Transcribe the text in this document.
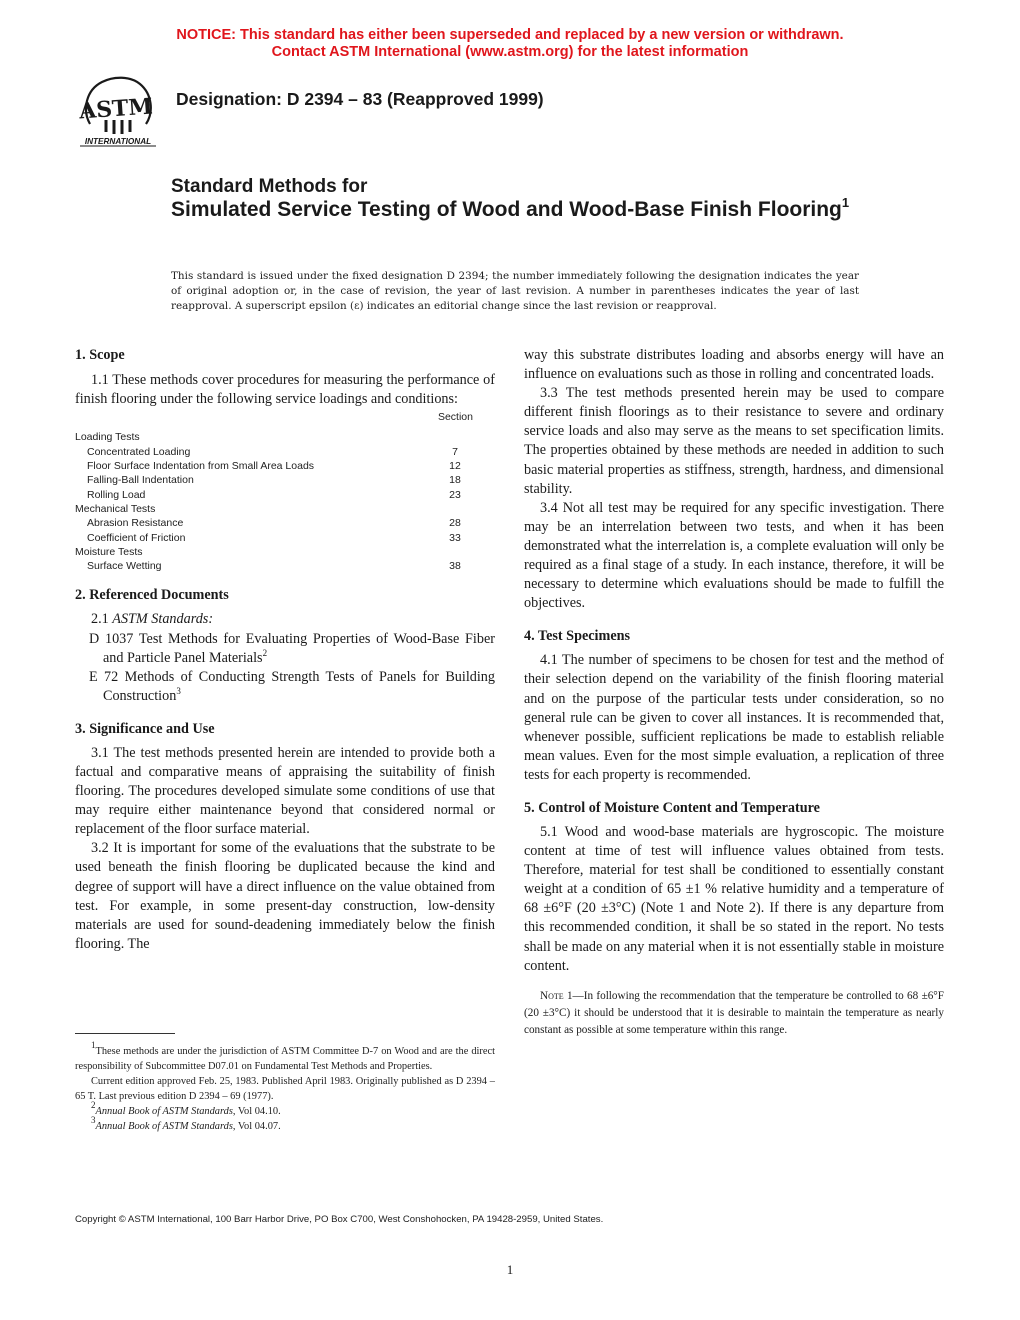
NOTICE: This standard has either been superseded and replaced by a new version or withdrawn.
Contact ASTM International (www.astm.org) for the latest information
ASTM
INTERNATIONAL
Designation: D 2394 – 83 (Reapproved 1999)
Standard Methods for
Simulated Service Testing of Wood and Wood-Base Finish Flooring$^1$
This standard is issued under the fixed designation D 2394; the number immediately following the designation indicates the year of original adoption or, in the case of revision, the year of last revision. A number in parentheses indicates the year of last reapproval. A superscript epsilon (ε) indicates an editorial change since the last revision or reapproval.
1. Scope

1.1 These methods cover procedures for measuring the performance of finish flooring under the following service loadings and conditions:

Section
Loading Tests
Concentrated Loading	7
Floor Surface Indentation from Small Area Loads	12
Falling-Ball Indentation	18
Rolling Load	23
Mechanical Tests
Abrasion Resistance	28
Coefficient of Friction	33
Moisture Tests
Surface Wetting	38
2. Referenced Documents

2.1 ASTM Standards:

D 1037 Test Methods for Evaluating Properties of Wood-Base Fiber and Particle Panel Materials$^2$

E 72 Methods of Conducting Strength Tests of Panels for Building Construction$^3$

3. Significance and Use

3.1 The test methods presented herein are intended to provide both a factual and comparative means of appraising the suitability of finish flooring. The procedures developed simulate some conditions of use that may require either maintenance beyond that considered normal or replacement of the floor surface material.

3.2 It is important for some of the evaluations that the substrate to be used beneath the finish flooring be duplicated because the kind and degree of support will have a direct influence on the value obtained from test. For example, in some present-day construction, low-density materials are used for sound-deadening immediately below the finish flooring. The

$^1$These methods are under the jurisdiction of ASTM Committee D-7 on Wood and are the direct responsibility of Subcommittee D07.01 on Fundamental Test Methods and Properties.

Current edition approved Feb. 25, 1983. Published April 1983. Originally published as D 2394 – 65 T. Last previous edition D 2394 – 69 (1977).

$^2$Annual Book of ASTM Standards, Vol 04.10.

$^3$Annual Book of ASTM Standards, Vol 04.07.

way this substrate distributes loading and absorbs energy will have an influence on evaluations such as those in rolling and concentrated loads.

3.3 The test methods presented herein may be used to compare different finish floorings as to their resistance to severe and ordinary service loads and also may serve as the means to set specification limits. The properties obtained by these methods are needed in addition to such basic material properties as stiffness, strength, hardness, and dimensional stability.

3.4 Not all test may be required for any specific investigation. There may be an interrelation between two tests, and when it has been demonstrated what the interrelation is, a complete evaluation will only be required as a final stage of a study. In each instance, therefore, it will be necessary to determine which evaluations should be made to fulfill the objectives.

4. Test Specimens

4.1 The number of specimens to be chosen for test and the method of their selection depend on the variability of the finish flooring material and on the purpose of the particular tests under consideration, so no general rule can be given to cover all instances. It is recommended that, whenever possible, sufficient replications be made to establish reliable mean values. Even for the most simple evaluation, a replication of three tests for each property is recommended.

5. Control of Moisture Content and Temperature

5.1 Wood and wood-base materials are hygroscopic. The moisture content at time of test will influence values obtained from tests. Therefore, material for test shall be conditioned to essentially constant weight at a condition of 65 ±1 % relative humidity and a temperature of 68 ±6°F (20 ±3°C) (Note 1 and Note 2). If there is any departure from this recommended condition, it shall be so stated in the report. No tests shall be made on any material when it is not essentially stable in moisture content.

Note 1—In following the recommendation that the temperature be controlled to 68 ±6°F (20 ±3°C) it should be understood that it is desirable to maintain the temperature as nearly constant as possible at some temperature within this range.

Copyright © ASTM International, 100 Barr Harbor Drive, PO Box C700, West Conshohocken, PA 19428-2959, United States.
1
